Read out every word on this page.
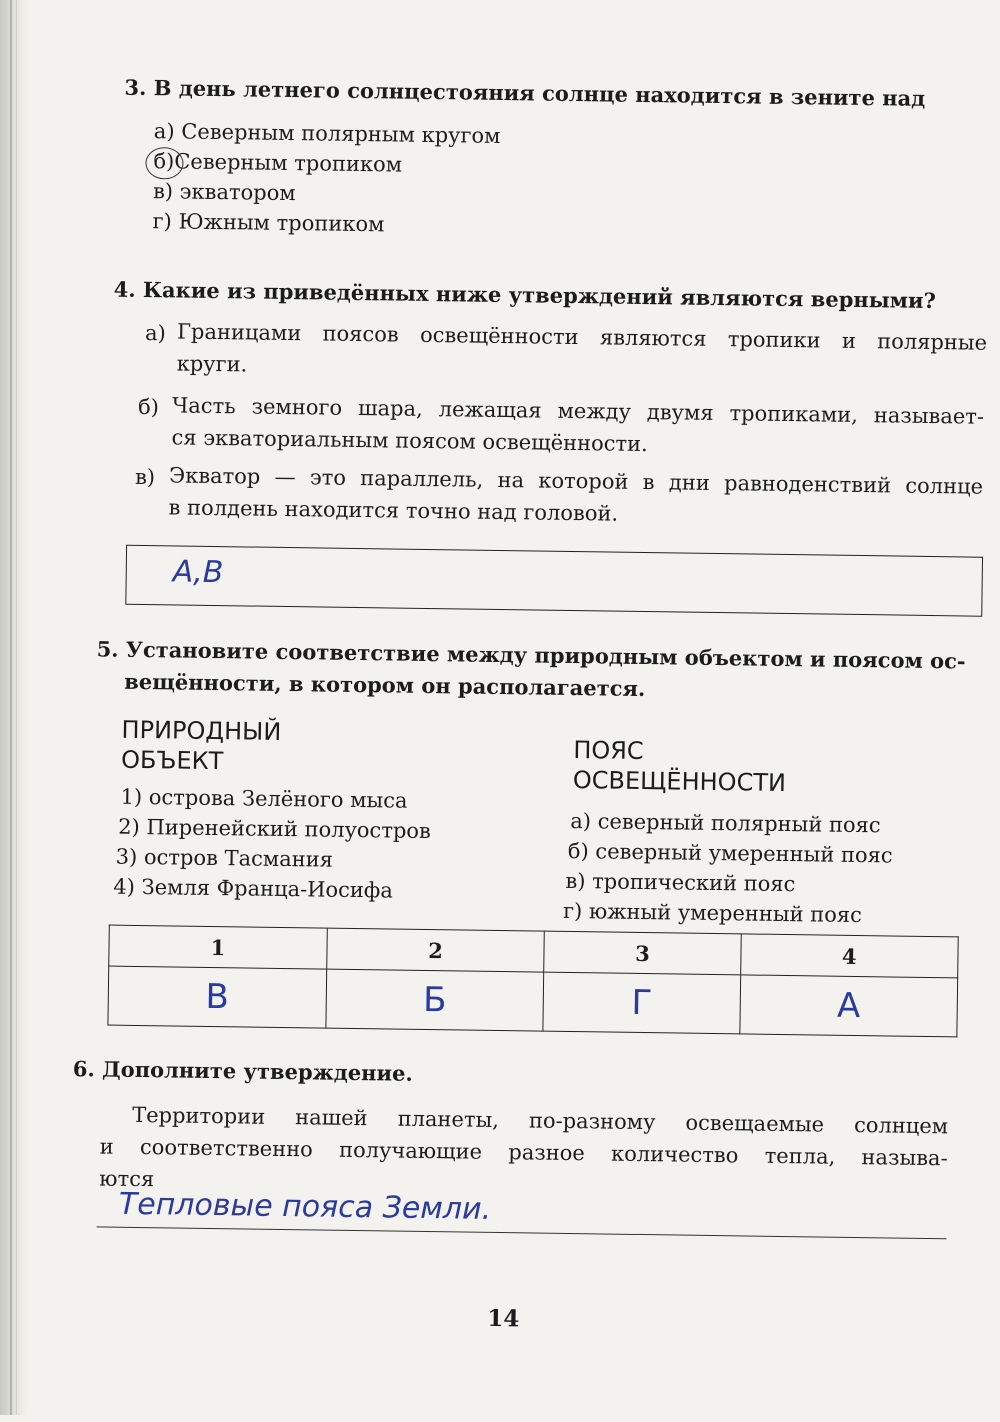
3. В день летнего солнцестояния солнце находится в зените над
а) Северным полярным кругом
б)Северным тропиком
в) экватором
г) Южным тропиком
4. Какие из приведённых ниже утверждений являются верными?
а) Границами поясов освещённости являются тропики и полярные
круги.
б) Часть земного шара, лежащая между двумя тропиками, называет-
ся экваториальным поясом освещённости.
в) Экватор — это параллель, на которой в дни равноденствий солнце
в полдень находится точно над головой.
А,В
5. Установите соответствие между природным объектом и поясом ос-
вещённости, в котором он располагается.
ПРИРОДНЫЙ
ОБЪЕКТ
1) острова Зелёного мыса
2) Пиренейский полуостров
3) остров Тасмания
4) Земля Франца-Иосифа
ПОЯС
ОСВЕЩЁННОСТИ
а) северный полярный пояс
б) северный умеренный пояс
в) тропический пояс
г) южный умеренный пояс
1	2	3	4
В	Б	Г	А
6. Дополните утверждение.
Территории нашей планеты, по-разному освещаемые солнцем
и соответственно получающие разное количество тепла, называ-
ются
Тепловые пояса Земли.
14
